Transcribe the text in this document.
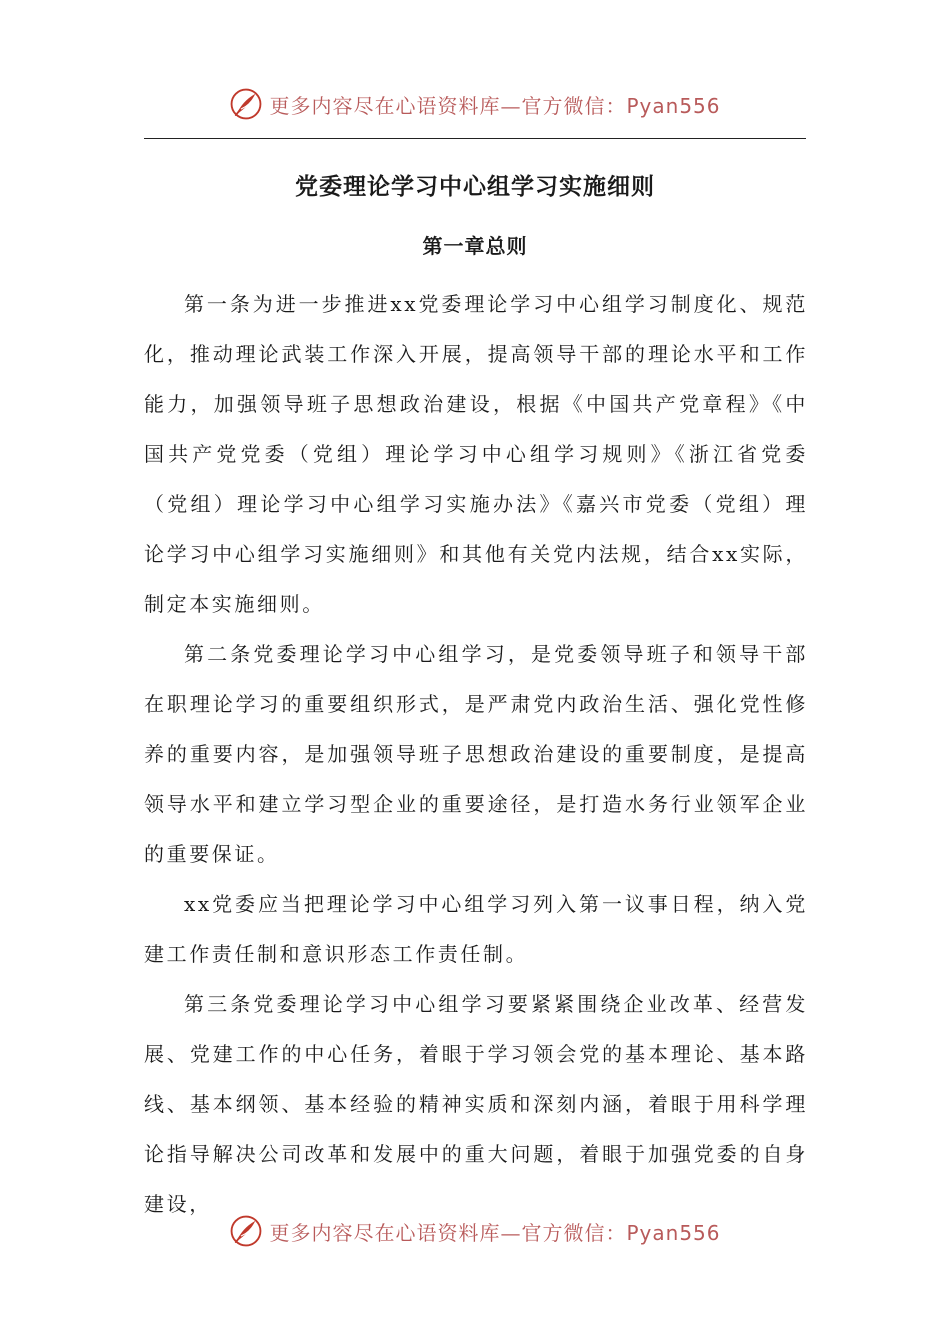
更多内容尽在心语资料库—官方微信：Pyan556
党委理论学习中心组学习实施细则
第一章总则

第一条为进一步推进xx党委理论学习中心组学习制度化、规范化，推动理论武装工作深入开展，提高领导干部的理论水平和工作能力，加强领导班子思想政治建设，根据《中国共产党章程》《中国共产党党委（党组）理论学习中心组学习规则》《浙江省党委（党组）理论学习中心组学习实施办法》《嘉兴市党委（党组）理论学习中心组学习实施细则》和其他有关党内法规，结合xx实际，制定本实施细则。

第二条党委理论学习中心组学习，是党委领导班子和领导干部在职理论学习的重要组织形式，是严肃党内政治生活、强化党性修养的重要内容，是加强领导班子思想政治建设的重要制度，是提高领导水平和建立学习型企业的重要途径，是打造水务行业领军企业的重要保证。

xx党委应当把理论学习中心组学习列入第一议事日程，纳入党建工作责任制和意识形态工作责任制。

第三条党委理论学习中心组学习要紧紧围绕企业改革、经营发展、党建工作的中心任务，着眼于学习领会党的基本理论、基本路线、基本纲领、基本经验的精神实质和深刻内涵，着眼于用科学理论指导解决公司改革和发展中的重大问题，着眼于加强党委的自身建设，

更多内容尽在心语资料库—官方微信：Pyan556
